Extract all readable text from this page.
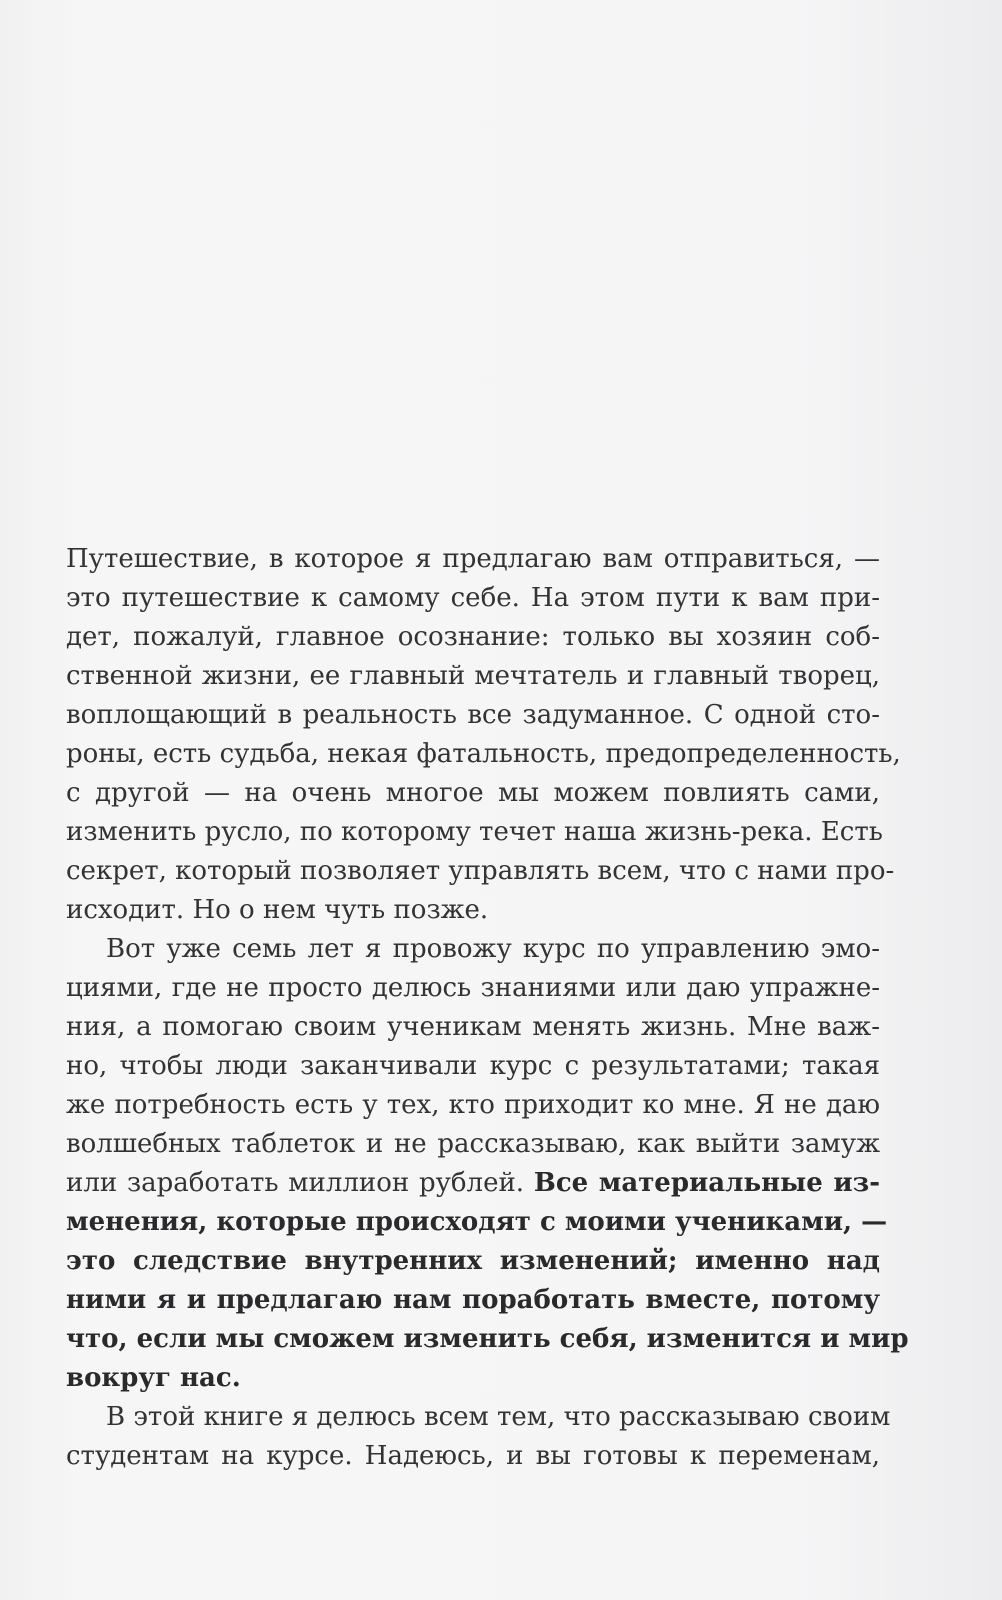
Путешествие, в которое я предлагаю вам отправиться, —
это путешествие к самому себе. На этом пути к вам при-
дет, пожалуй, главное осознание: только вы хозяин соб-
ственной жизни, ее главный мечтатель и главный творец,
воплощающий в реальность все задуманное. С одной сто-
роны, есть судьба, некая фатальность, предопределенность,
с другой — на очень многое мы можем повлиять сами,
изменить русло, по которому течет наша жизнь-река. Есть
секрет, который позволяет управлять всем, что с нами про-
исходит. Но о нем чуть позже.
Вот уже семь лет я провожу курс по управлению эмо-
циями, где не просто делюсь знаниями или даю упражне-
ния, а помогаю своим ученикам менять жизнь. Мне важ-
но, чтобы люди заканчивали курс с результатами; такая
же потребность есть у тех, кто приходит ко мне. Я не даю
волшебных таблеток и не рассказываю, как выйти замуж
или заработать миллион рублей. Все материальные из-
менения, которые происходят с моими учениками, —
это следствие внутренних изменений; именно над
ними я и предлагаю нам поработать вместе, потому
что, если мы сможем изменить себя, изменится и мир
вокруг нас.
В этой книге я делюсь всем тем, что рассказываю своим
студентам на курсе. Надеюсь, и вы готовы к переменам,
